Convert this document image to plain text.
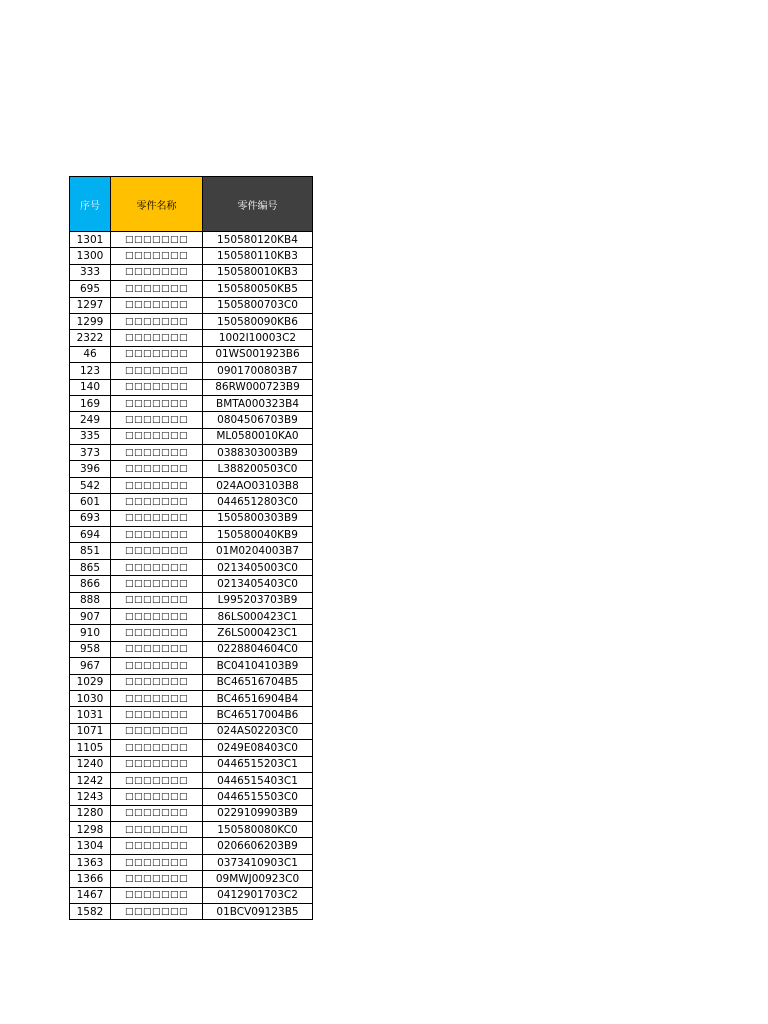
序号	零件名称	零件编号
1301	□□□□□□□	150580120KB4
1300	□□□□□□□	150580110KB3
333	□□□□□□□	150580010KB3
695	□□□□□□□	150580050KB5
1297	□□□□□□□	1505800703C0
1299	□□□□□□□	150580090KB6
2322	□□□□□□□	1002I10003C2
46	□□□□□□□	01WS001923B6
123	□□□□□□□	0901700803B7
140	□□□□□□□	86RW000723B9
169	□□□□□□□	BMTA000323B4
249	□□□□□□□	0804506703B9
335	□□□□□□□	ML0580010KA0
373	□□□□□□□	0388303003B9
396	□□□□□□□	L388200503C0
542	□□□□□□□	024AO03103B8
601	□□□□□□□	0446512803C0
693	□□□□□□□	1505800303B9
694	□□□□□□□	150580040KB9
851	□□□□□□□	01M0204003B7
865	□□□□□□□	0213405003C0
866	□□□□□□□	0213405403C0
888	□□□□□□□	L995203703B9
907	□□□□□□□	86LS000423C1
910	□□□□□□□	Z6LS000423C1
958	□□□□□□□	0228804604C0
967	□□□□□□□	BC04104103B9
1029	□□□□□□□	BC46516704B5
1030	□□□□□□□	BC46516904B4
1031	□□□□□□□	BC46517004B6
1071	□□□□□□□	024AS02203C0
1105	□□□□□□□	0249E08403C0
1240	□□□□□□□	0446515203C1
1242	□□□□□□□	0446515403C1
1243	□□□□□□□	0446515503C0
1280	□□□□□□□	0229109903B9
1298	□□□□□□□	150580080KC0
1304	□□□□□□□	0206606203B9
1363	□□□□□□□	0373410903C1
1366	□□□□□□□	09MWJ00923C0
1467	□□□□□□□	0412901703C2
1582	□□□□□□□	01BCV09123B5
